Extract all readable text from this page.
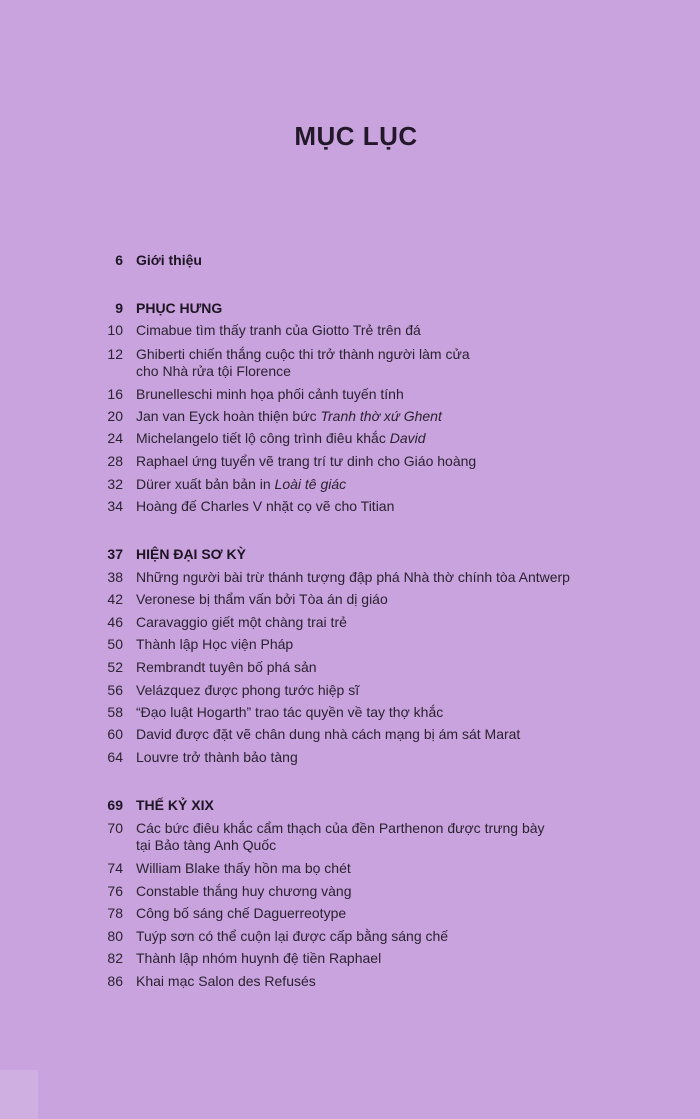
MỤC LỤC
6 Giới thiệu
9 PHỤC HƯNG
10 Cimabue tìm thấy tranh của Giotto Trẻ trên đá
12 Ghiberti chiến thắng cuộc thi trở thành người làm cửa
cho Nhà rửa tội Florence
16 Brunelleschi minh họa phối cảnh tuyến tính
20 Jan van Eyck hoàn thiện bức Tranh thờ xứ Ghent
24 Michelangelo tiết lộ công trình điêu khắc David
28 Raphael ứng tuyển vẽ trang trí tư dinh cho Giáo hoàng
32 Dürer xuất bản bản in Loài tê giác
34 Hoàng đế Charles V nhặt cọ vẽ cho Titian
37 HIỆN ĐẠI SƠ KỲ
38 Những người bài trừ thánh tượng đập phá Nhà thờ chính tòa Antwerp
42 Veronese bị thẩm vấn bởi Tòa án dị giáo
46 Caravaggio giết một chàng trai trẻ
50 Thành lập Học viện Pháp
52 Rembrandt tuyên bố phá sản
56 Velázquez được phong tước hiệp sĩ
58 “Đạo luật Hogarth” trao tác quyền về tay thợ khắc
60 David được đặt vẽ chân dung nhà cách mạng bị ám sát Marat
64 Louvre trở thành bảo tàng
69 THẾ KỶ XIX
70 Các bức điêu khắc cẩm thạch của đền Parthenon được trưng bày
tại Bảo tàng Anh Quốc
74 William Blake thấy hồn ma bọ chét
76 Constable thắng huy chương vàng
78 Công bố sáng chế Daguerreotype
80 Tuýp sơn có thể cuộn lại được cấp bằng sáng chế
82 Thành lập nhóm huynh đệ tiền Raphael
86 Khai mạc Salon des Refusés
